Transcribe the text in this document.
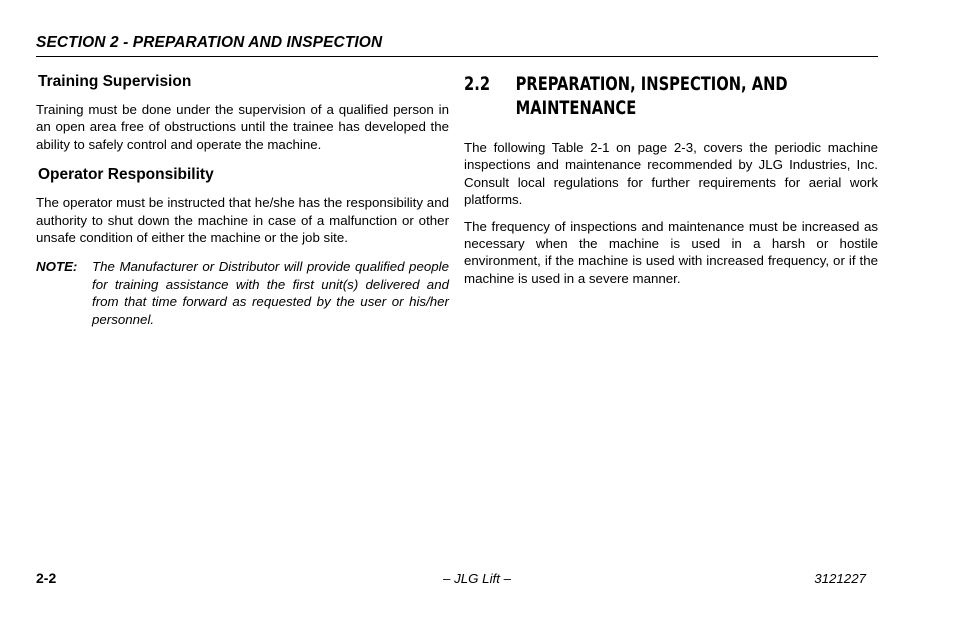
SECTION 2 - PREPARATION AND INSPECTION
Training Supervision

Training must be done under the supervision of a qualified person in an open area free of obstructions until the trainee has developed the ability to safely control and operate the machine.

Operator Responsibility

The operator must be instructed that he/she has the responsibility and authority to shut down the machine in case of a malfunction or other unsafe condition of either the machine or the job site.

NOTE:	The Manufacturer or Distributor will provide qualified people for training assistance with the first unit(s) delivered and from that time forward as requested by the user or his/her personnel.
2.2	PREPARATION, INSPECTION, AND MAINTENANCE

The following Table 2-1 on page 2-3, covers the periodic machine inspections and maintenance recommended by JLG Industries, Inc. Consult local regulations for further requirements for aerial work platforms.

The frequency of inspections and maintenance must be increased as necessary when the machine is used in a harsh or hostile environment, if the machine is used with increased frequency, or if the machine is used in a severe manner.

2-2	– JLG Lift –	3121227
